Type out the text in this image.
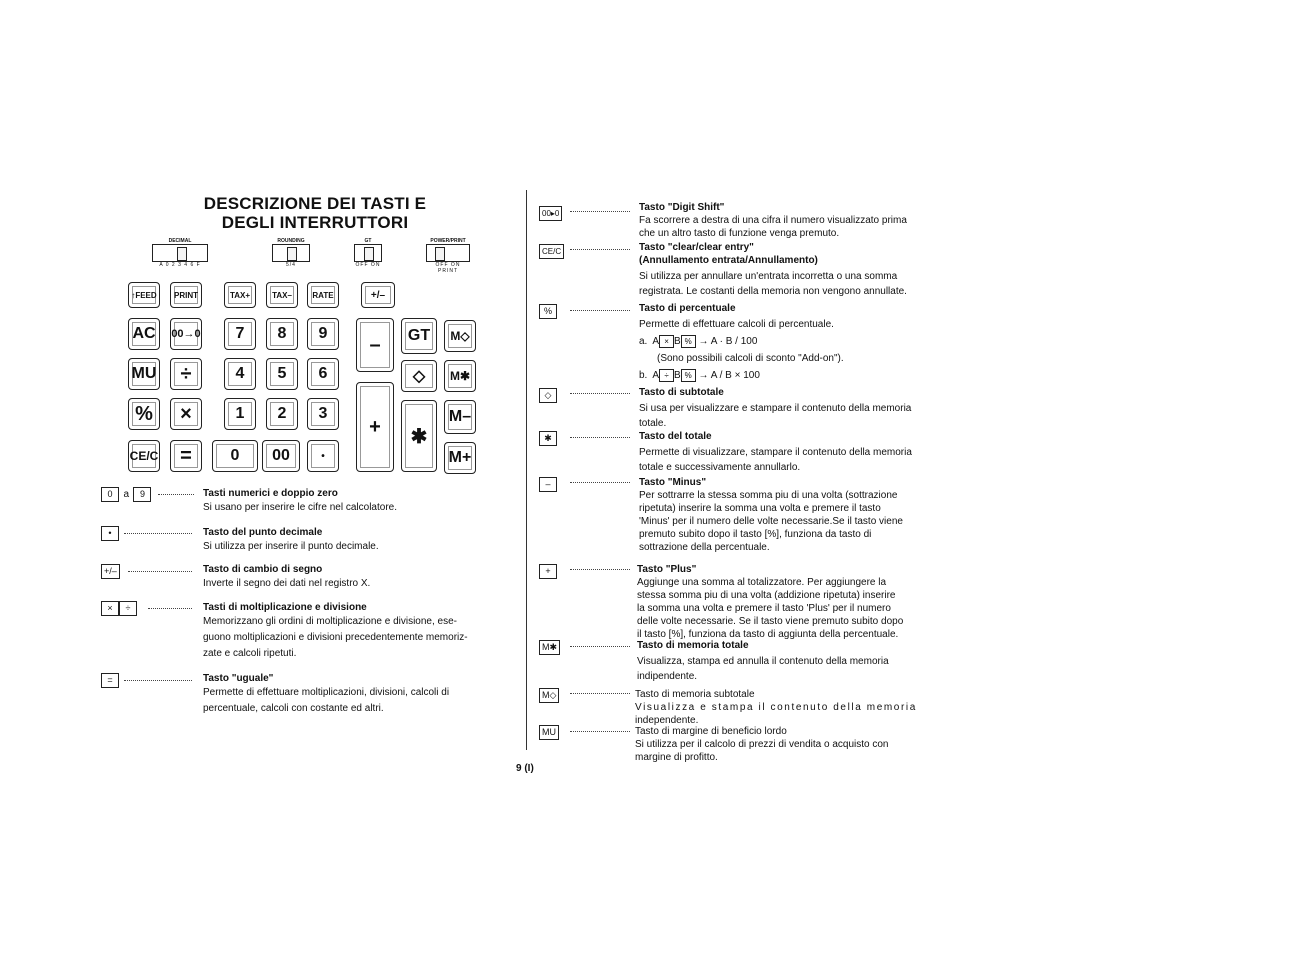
DESCRIZIONE DEI TASTI E
DEGLI INTERRUTTORI
DECIMAL
A 0 2 3 4 6 F
ROUNDING
5/4
GT
OFF ON
POWER/PRINT
OFF ON PRINT
↑FEED	PRINT	TAX+	TAX–	RATE	+/–
AC	00→0	7	8	9	–	GT	M◇
MU	÷	4	5	6	◇	M✱
%	×	1	2	3
+	✱
M–
CE/C	=	0	00	•	M+
0 a 9	Tasti numerici e doppio zero
Si usano per inserire le cifre nel calcolatore.
•	Tasto del punto decimale
Si utilizza per inserire il punto decimale.
+/–	Tasto di cambio di segno
Inverte il segno dei dati nel registro X.
× ÷	Tasti di moltiplicazione e divisione
Memorizzano gli ordini di moltiplicazione e divisione, ese-
guono moltiplicazioni e divisioni precedentemente memoriz-
zate e calcoli ripetuti.
=	Tasto "uguale"
Permette di effettuare moltiplicazioni, divisioni, calcoli di
percentuale, calcoli con costante ed altri.
00▸0
Tasto "Digit Shift"
Fa scorrere a destra di una cifra il numero visualizzato prima
che un altro tasto di funzione venga premuto.
CE/C	Tasto "clear/clear entry"
(Annullamento entrata/Annullamento)
Si utilizza per annullare un'entrata incorretta o una somma
registrata. Le costanti della memoria non vengono annullate.
%	Tasto di percentuale
Permette di effettuare calcoli di percentuale.
a. A × B % → A · B / 100
(Sono possibili calcoli di sconto "Add-on").
b. A ÷ B % → A / B × 100
◇	Tasto di subtotale
Si usa per visualizzare e stampare il contenuto della memoria
totale.
✱	Tasto del totale
Permette di visualizzare, stampare il contenuto della memoria
totale e successivamente annullarlo.
–	Tasto "Minus"
Per sottrarre la stessa somma piu di una volta (sottrazione
ripetuta) inserire la somma una volta e premere il tasto
'Minus' per il numero delle volte necessarie.Se il tasto viene
premuto subito dopo il tasto [%], funziona da tasto di
sottrazione della percentuale.
+	Tasto "Plus"
Aggiunge una somma al totalizzatore. Per aggiungere la
stessa somma piu di una volta (addizione ripetuta) inserire
la somma una volta e premere il tasto 'Plus' per il numero
delle volte necessarie. Se il tasto viene premuto subito dopo
il tasto [%], funziona da tasto di aggiunta della percentuale.
M✱	Tasto di memoria totale
Visualizza, stampa ed annulla il contenuto della memoria
indipendente.
M◇	Tasto di memoria subtotale
Visualizza e stampa il contenuto della memoria
independente.
MU	Tasto di margine di beneficio lordo
Si utilizza per il calcolo di prezzi di vendita o acquisto con
margine di profitto.
9 (I)
